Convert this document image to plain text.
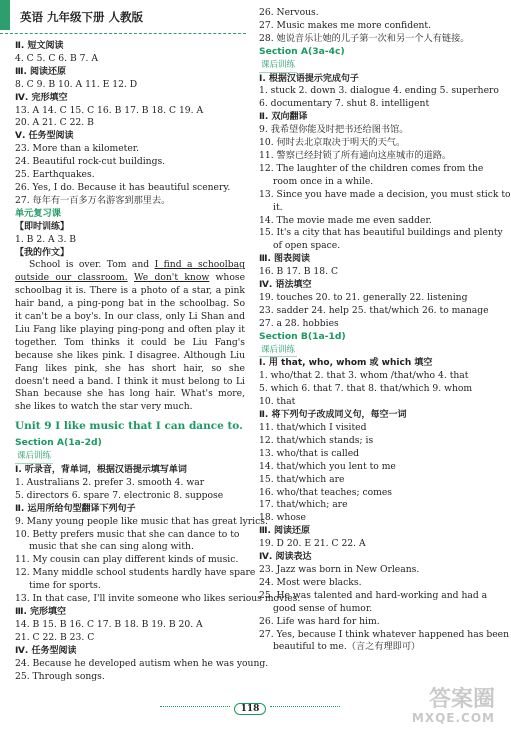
英语 九年级下册 人教版
Ⅱ. 短文阅读
4. C 5. C 6. B 7. A
Ⅲ. 阅读还原
8. C 9. B 10. A 11. E 12. D
Ⅳ. 完形填空
13. A 14. C 15. C 16. B 17. B 18. C 19. A
20. A 21. C 22. B
Ⅴ. 任务型阅读
23. More than a kilometer.
24. Beautiful rock-cut buildings.
25. Earthquakes.
26. Yes, I do. Because it has beautiful scenery.
27. 每年有一百多万名游客到那里去。
单元复习课
【即时训练】
1. B 2. A 3. B
【我的作文】
School is over. Tom and I find a schoolbag outside our classroom. We don't know whose schoolbag it is. There is a photo of a star, a pink hair band, a ping-pong bat in the schoolbag. So it can't be a boy's. In our class, only Li Shan and Liu Fang like playing ping-pong and often play it together. Tom thinks it could be Liu Fang's because she likes pink. I disagree. Although Liu Fang likes pink, she has short hair, so she doesn't need a band. I think it must belong to Li Shan because she has long hair. What's more, she likes to watch the star very much.
Unit 9 I like music that I can dance to.
Section A(1a-2d)
课后训练
Ⅰ. 听录音，背单词，根据汉语提示填写单词
1. Australians 2. prefer 3. smooth 4. war
5. directors 6. spare 7. electronic 8. suppose
Ⅱ. 运用所给句型翻译下列句子
9. Many young people like music that has great lyrics.
10. Betty prefers music that she can dance to to
music that she can sing along with.
11. My cousin can play different kinds of music.
12. Many middle school students hardly have spare
time for sports.
13. In that case, I'll invite someone who likes serious movies.
Ⅲ. 完形填空
14. B 15. B 16. C 17. B 18. B 19. B 20. A
21. C 22. B 23. C
Ⅳ. 任务型阅读
24. Because he developed autism when he was young.
25. Through songs.
26. Nervous.
27. Music makes me more confident.
28. 她说音乐让她的儿子第一次和另一个人有链接。
Section A(3a-4c)
课后训练
Ⅰ. 根据汉语提示完成句子
1. stuck 2. down 3. dialogue 4. ending 5. superhero
6. documentary 7. shut 8. intelligent
Ⅱ. 双向翻译
9. 我希望你能及时把书还给图书馆。
10. 何时去北京取决于明天的天气。
11. 警察已经封锁了所有通向这座城市的道路。
12. The laughter of the children comes from the
room once in a while.
13. Since you have made a decision, you must stick to
it.
14. The movie made me even sadder.
15. It's a city that has beautiful buildings and plenty
of open space.
Ⅲ. 图表阅读
16. B 17. B 18. C
Ⅳ. 语法填空
19. touches 20. to 21. generally 22. listening
23. sadder 24. help 25. that/which 26. to manage
27. a 28. hobbies
Section B(1a-1d)
课后训练
Ⅰ. 用 that, who, whom 或 which 填空
1. who/that 2. that 3. whom /that/who 4. that
5. which 6. that 7. that 8. that/which 9. whom
10. that
Ⅱ. 将下列句子改成同义句，每空一词
11. that/which I visited
12. that/which stands; is
13. who/that is called
14. that/which you lent to me
15. that/which are
16. who/that teaches; comes
17. that/which; are
18. whose
Ⅲ. 阅读还原
19. D 20. E 21. C 22. A
Ⅳ. 阅读表达
23. Jazz was born in New Orleans.
24. Most were blacks.
25. He was talented and hard-working and had a
good sense of humor.
26. Life was hard for him.
27. Yes, because I think whatever happened has been
beautiful to me.（言之有理即可）
118	答案圈
MXQE.COM
